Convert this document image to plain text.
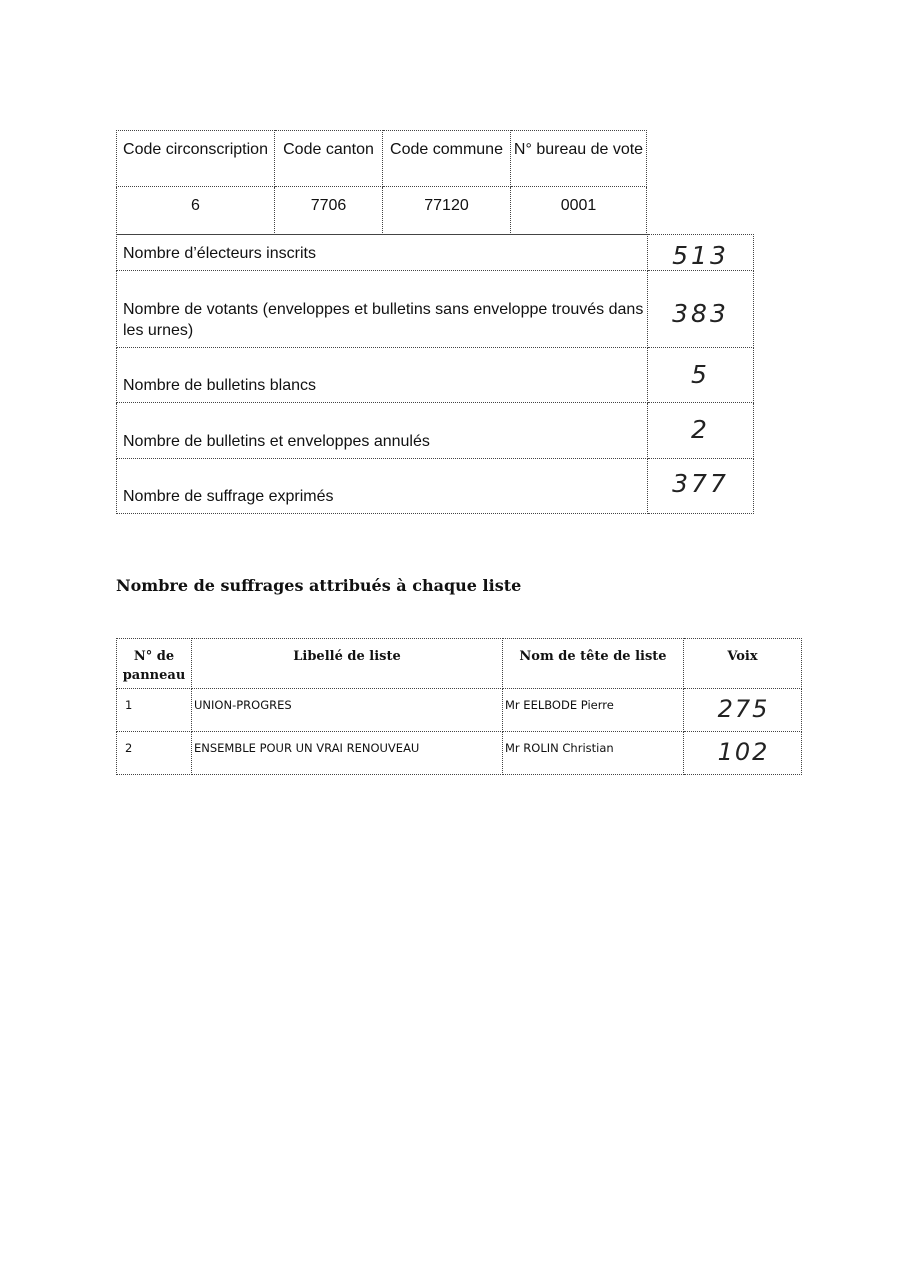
Code circonscription	Code canton	Code commune	N° bureau de vote
6	7706	77120	0001
Nombre d’électeurs inscrits	513
Nombre de votants (enveloppes et bulletins sans enveloppe trouvés dans les urnes)	383
Nombre de bulletins blancs	5
Nombre de bulletins et enveloppes annulés	2
Nombre de suffrage exprimés	377
Nombre de suffrages attribués à chaque liste
N° de panneau	Libellé de liste	Nom de tête de liste	Voix
1	UNION-PROGRES	Mr EELBODE Pierre	275
2	ENSEMBLE POUR UN VRAI RENOUVEAU	Mr ROLIN Christian	102
